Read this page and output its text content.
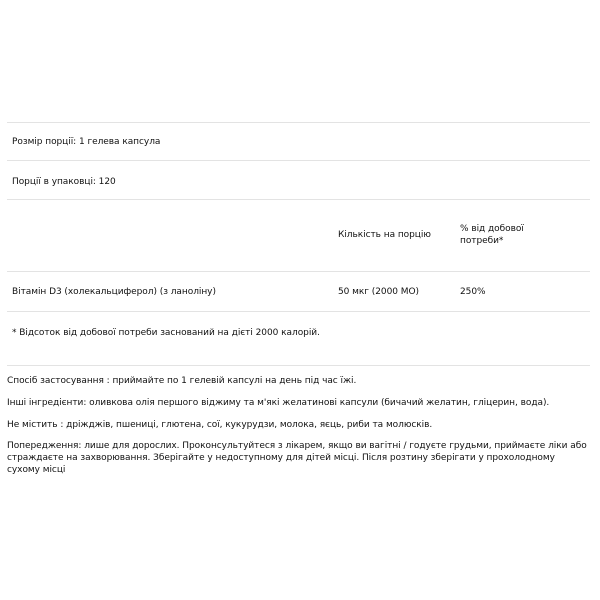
Розмір порції: 1 гелева капсула
Порції в упаковці: 120
Кількість на порцію
% від добової
потреби*
Вітамін D3 (холекальциферол) (з ланоліну)	50 мкг (2000 МО)	250%
* Відсоток від добової потреби заснований на дієті 2000 калорій.
Спосіб застосування : приймайте по 1 гелевій капсулі на день під час їжі.
Інші інгредієнти: оливкова олія першого віджиму та м'які желатинові капсули (бичачий желатин, гліцерин, вода).
Не містить : дріжджів, пшениці, глютена, сої, кукурудзи, молока, яєць, риби та молюсків.
Попередження: лише для дорослих. Проконсультуйтеся з лікарем, якщо ви вагітні / годуєте грудьми, приймаєте ліки або страждаєте на захворювання. Зберігайте у недоступному для дітей місці. Після розтину зберігати у прохолодному сухому місці
